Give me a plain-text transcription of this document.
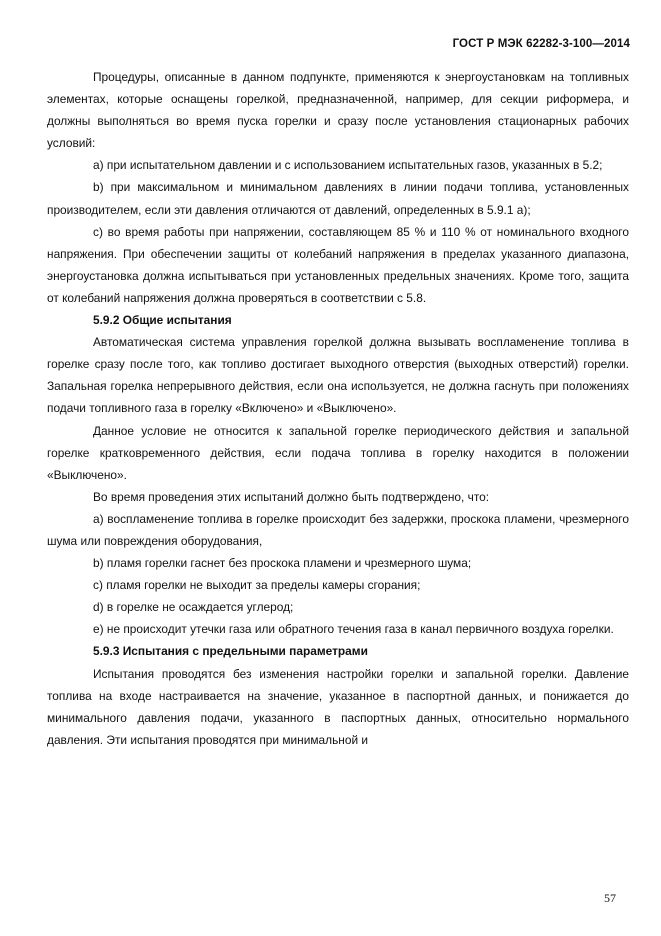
ГОСТ Р МЭК 62282-3-100—2014

Процедуры, описанные в данном подпункте, применяются к энергоустановкам на топливных элементах, которые оснащены горелкой, предназначенной, например, для секции риформера, и должны выполняться во время пуска горелки и сразу после установления стационарных рабочих условий:

а) при испытательном давлении и с использованием испытательных газов, указанных в 5.2;

b) при максимальном и минимальном давлениях в линии подачи топлива, установленных производителем, если эти давления отличаются от давлений, определенных в 5.9.1 а);

с) во время работы при напряжении, составляющем 85 % и 110 % от номинального входного напряжения. При обеспечении защиты от колебаний напряжения в пределах указанного диапазона, энергоустановка должна испытываться при установленных предельных значениях. Кроме того, защита от колебаний напряжения должна проверяться в соответствии с 5.8.

5.9.2 Общие испытания

Автоматическая система управления горелкой должна вызывать воспламенение топлива в горелке сразу после того, как топливо достигает выходного отверстия (выходных отверстий) горелки. Запальная горелка непрерывного действия, если она используется, не должна гаснуть при положениях подачи топливного газа в горелку «Включено» и «Выключено».

Данное условие не относится к запальной горелке периодического действия и запальной горелке кратковременного действия, если подача топлива в горелку находится в положении «Выключено».

Во время проведения этих испытаний должно быть подтверждено, что:

а) воспламенение топлива в горелке происходит без задержки, проскока пламени, чрезмерного шума или повреждения оборудования,

b) пламя горелки гаснет без проскока пламени и чрезмерного шума;

с) пламя горелки не выходит за пределы камеры сгорания;

d) в горелке не осаждается углерод;

е) не происходит утечки газа или обратного течения газа в канал первичного воздуха горелки.

5.9.3 Испытания с предельными параметрами

Испытания проводятся без изменения настройки горелки и запальной горелки. Давление топлива на входе настраивается на значение, указанное в паспортной данных, и понижается до минимального давления подачи, указанного в паспортных данных, относительно нормального давления. Эти испытания проводятся при минимальной и

57
